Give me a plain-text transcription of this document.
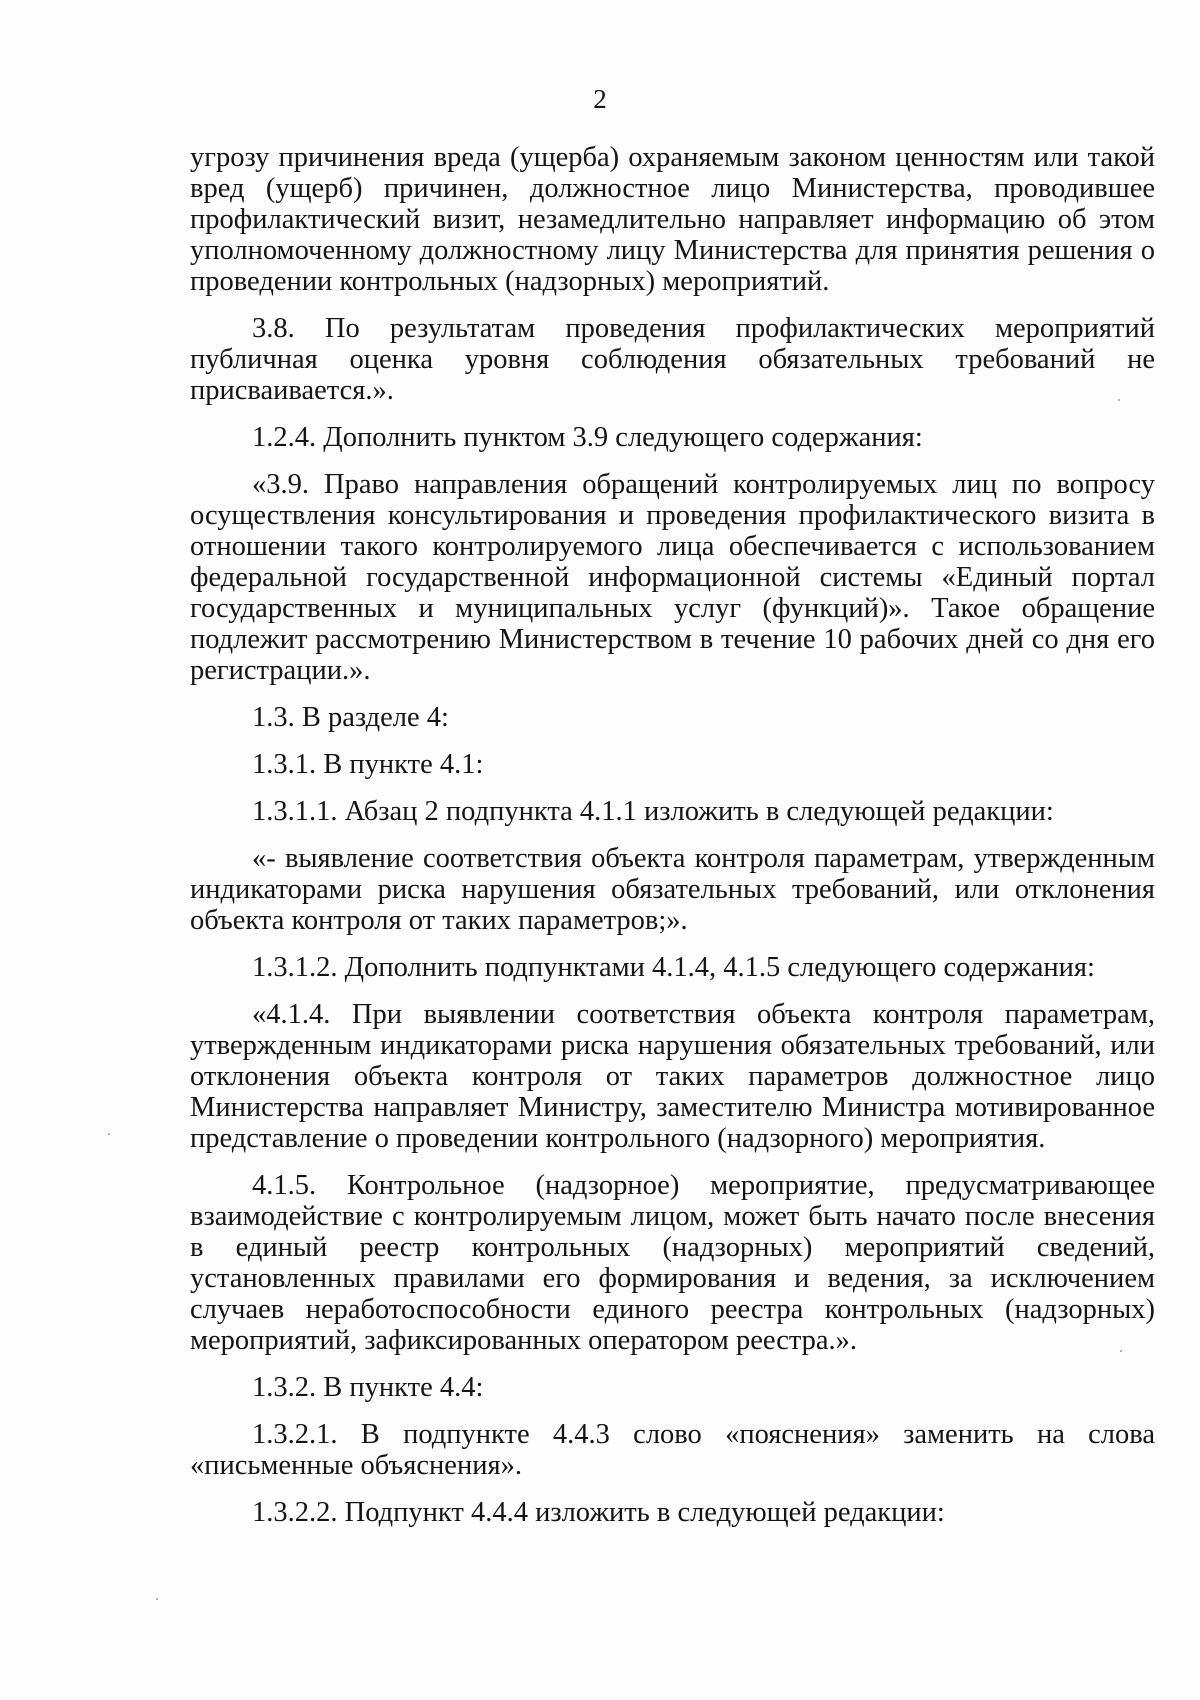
2

угрозу причинения вреда (ущерба) охраняемым законом ценностям или такой вред (ущерб) причинен, должностное лицо Министерства, проводившее профилактический визит, незамедлительно направляет информацию об этом уполномоченному должностному лицу Министерства для принятия решения о проведении контрольных (надзорных) мероприятий.

3.8. По результатам проведения профилактических мероприятий публичная оценка уровня соблюдения обязательных требований не присваивается.».

1.2.4. Дополнить пунктом 3.9 следующего содержания:

«3.9. Право направления обращений контролируемых лиц по вопросу осуществления консультирования и проведения профилактического визита в отношении такого контролируемого лица обеспечивается с использованием федеральной государственной информационной системы «Единый портал государственных и муниципальных услуг (функций)». Такое обращение подлежит рассмотрению Министерством в течение 10 рабочих дней со дня его регистрации.».

1.3. В разделе 4:

1.3.1. В пункте 4.1:

1.3.1.1. Абзац 2 подпункта 4.1.1 изложить в следующей редакции:

«- выявление соответствия объекта контроля параметрам, утвержденным индикаторами риска нарушения обязательных требований, или отклонения объекта контроля от таких параметров;».

1.3.1.2. Дополнить подпунктами 4.1.4, 4.1.5 следующего содержания:

«4.1.4. При выявлении соответствия объекта контроля параметрам, утвержденным индикаторами риска нарушения обязательных требований, или отклонения объекта контроля от таких параметров должностное лицо Министерства направляет Министру, заместителю Министра мотивированное представление о проведении контрольного (надзорного) мероприятия.

4.1.5. Контрольное (надзорное) мероприятие, предусматривающее взаимодействие с контролируемым лицом, может быть начато после внесения в единый реестр контрольных (надзорных) мероприятий сведений, установленных правилами его формирования и ведения, за исключением случаев неработоспособности единого реестра контрольных (надзорных) мероприятий, зафиксированных оператором реестра.».

1.3.2. В пункте 4.4:

1.3.2.1. В подпункте 4.4.3 слово «пояснения» заменить на слова «письменные объяснения».

1.3.2.2. Подпункт 4.4.4 изложить в следующей редакции:
